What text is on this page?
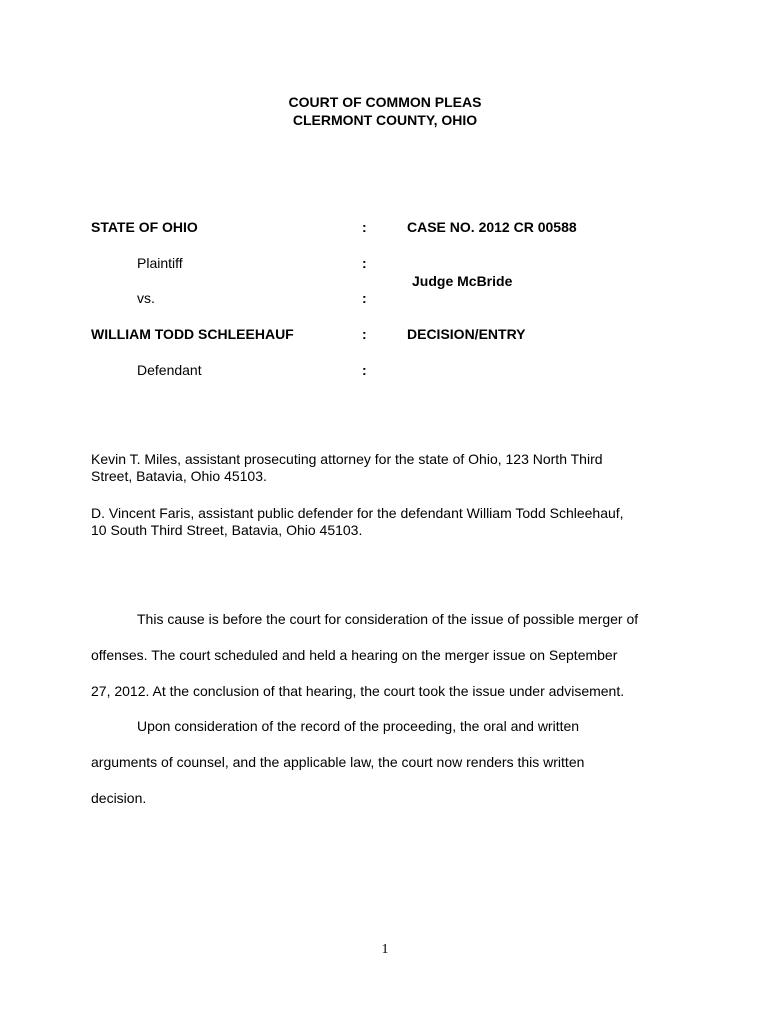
COURT OF COMMON PLEAS
CLERMONT COUNTY, OHIO
STATE OF OHIO
Plaintiff
vs.
WILLIAM TODD SCHLEEHAUF
Defendant
:
:
:
:
:
CASE NO. 2012 CR 00588
Judge McBride
DECISION/ENTRY
Kevin T. Miles, assistant prosecuting attorney for the state of Ohio, 123 North Third
Street, Batavia, Ohio 45103.
D. Vincent Faris, assistant public defender for the defendant William Todd Schleehauf,
10 South Third Street, Batavia, Ohio 45103.
This cause is before the court for consideration of the issue of possible merger of
offenses. The court scheduled and held a hearing on the merger issue on September
27, 2012. At the conclusion of that hearing, the court took the issue under advisement.
Upon consideration of the record of the proceeding, the oral and written
arguments of counsel, and the applicable law, the court now renders this written
decision.
1
